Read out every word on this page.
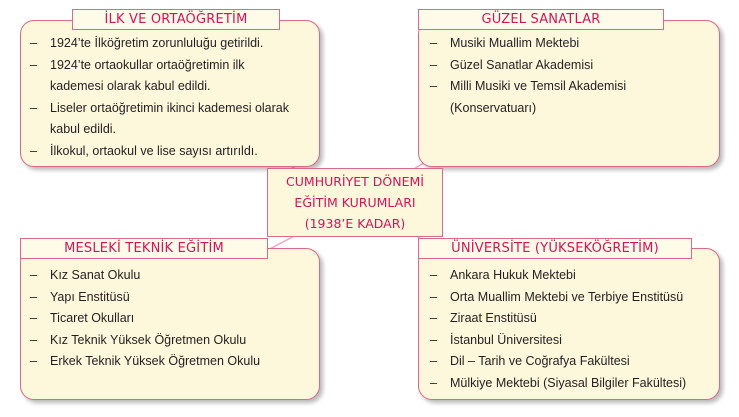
İLK VE ORTAÖĞRETİM
– 1924’te İlköğretim zorunluluğu getirildi.
– 1924’te ortaokullar ortaöğretimin ilk
kademesi olarak kabul edildi.
– Liseler ortaöğretimin ikinci kademesi olarak
kabul edildi.
– İlkokul, ortaokul ve lise sayısı artırıldı.
GÜZEL SANATLAR
– Musiki Muallim Mektebi
– Güzel Sanatlar Akademisi
– Milli Musiki ve Temsil Akademisi
(Konservatuarı)
CUMHURİYET DÖNEMİ
EĞİTİM KURUMLARI
(1938’E KADAR)
MESLEKİ TEKNİK EĞİTİM
– Kız Sanat Okulu
– Yapı Enstitüsü
– Ticaret Okulları
– Kız Teknik Yüksek Öğretmen Okulu
– Erkek Teknik Yüksek Öğretmen Okulu
ÜNİVERSİTE (YÜKSEKÖĞRETİM)
– Ankara Hukuk Mektebi
– Orta Muallim Mektebi ve Terbiye Enstitüsü
– Ziraat Enstitüsü
– İstanbul Üniversitesi
– Dil – Tarih ve Coğrafya Fakültesi
– Mülkiye Mektebi (Siyasal Bilgiler Fakültesi)
